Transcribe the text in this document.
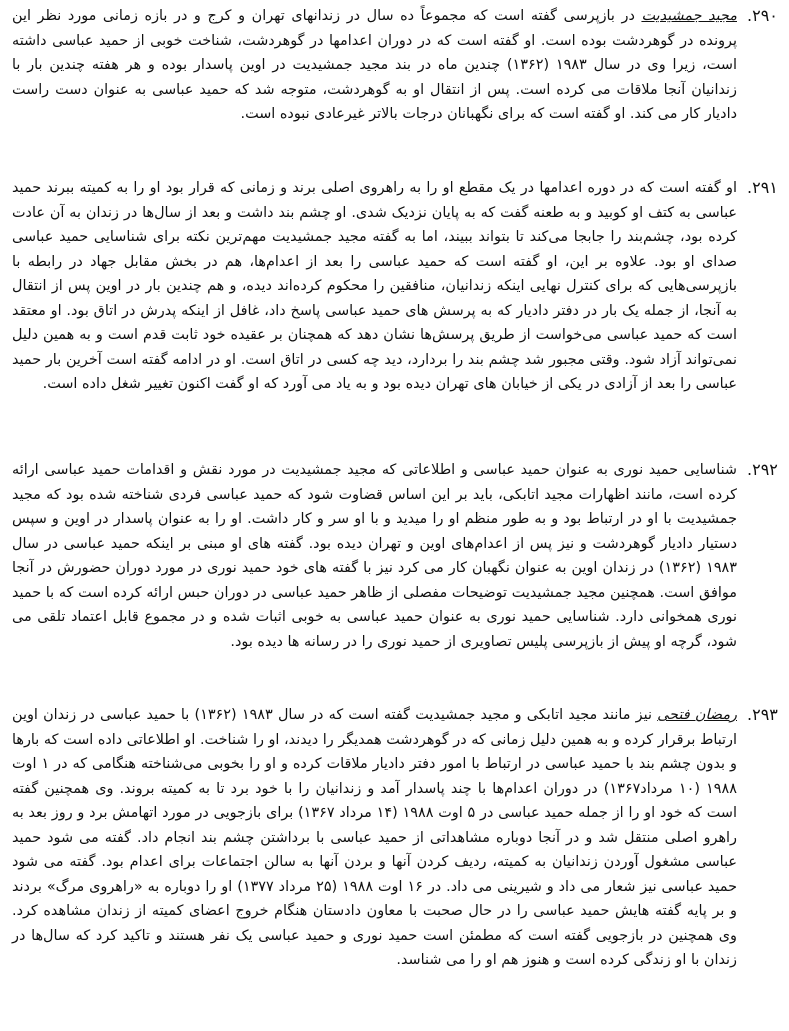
۲۹۰.

مجید جمشیدیت در بازپرسی گفته است که مجموعاً ده سال در زندانهای تهران و کرج و در بازه زمانی مورد نظر این پرونده در گوهردشت بوده است. او گفته است که در دوران اعدامها در گوهردشت، شناخت خوبی از حمید عباسی داشته است، زیرا وی در سال ۱۹۸۳ (۱۳۶۲) چندین ماه در بند مجید جمشیدیت در اوین پاسدار بوده و هر هفته چندین بار با زندانیان آنجا ملاقات می کرده است. پس از انتقال او به گوهردشت، متوجه شد که حمید عباسی به عنوان دست راست دادیار کار می کند. او گفته است که برای نگهبانان درجات بالاتر غیرعادی نبوده است.

۲۹۱.

او گفته است که در دوره اعدامها در یک مقطع او را به راهروی اصلی برند و زمانی که قرار بود او را به کمیته ببرند حمید عباسی به کتف او کوبید و به طعنه گفت که به پایان نزدیک شدی. او چشم بند داشت و بعد از سال‌ها در زندان به آن عادت کرده بود، چشم‌بند را جابجا می‌کند تا بتواند ببیند، اما به گفته مجید جمشیدیت مهم‌ترین نکته برای شناسایی حمید عباسی صدای او بود. علاوه بر این، او گفته است که حمید عباسی را بعد از اعدام‌ها، هم در بخش مقابل جهاد در رابطه با بازپرسی‌هایی که برای کنترل نهایی اینکه زندانیان، منافقین را محکوم کرده‌اند دیده، و هم چندین بار در اوین پس از انتقال به آنجا، از جمله یک بار در دفتر دادیار که به پرسش های حمید عباسی پاسخ داد، غافل از اینکه پدرش در اتاق بود. او معتقد است که حمید عباسی می‌خواست از طریق پرسش‌ها نشان دهد که همچنان بر عقیده خود ثابت قدم است و به همین دلیل نمی‌تواند آزاد شود. وقتی مجبور شد چشم بند را بردارد، دید چه کسی در اتاق است. او در ادامه گفته است آخرین بار حمید عباسی را بعد از آزادی در یکی از خیابان های تهران دیده بود و به یاد می آورد که او گفت اکنون تغییر شغل داده است.

۲۹۲.

شناسایی حمید نوری به عنوان حمید عباسی و اطلاعاتی که مجید جمشیدیت در مورد نقش و اقدامات حمید عباسی ارائه کرده است، مانند اظهارات مجید اتابکی، باید بر این اساس قضاوت شود که حمید عباسی فردی شناخته شده بود که مجید جمشیدیت با او در ارتباط بود و به طور منظم او را میدید و با او سر و کار داشت. او را به عنوان پاسدار در اوین و سپس دستیار دادیار گوهردشت و نیز پس از اعدام‌های اوین و تهران دیده بود. گفته های او مبنی بر اینکه حمید عباسی در سال ۱۹۸۳ (۱۳۶۲) در زندان اوین به عنوان نگهبان کار می کرد نیز با گفته های خود حمید نوری در مورد دوران حضورش در آنجا موافق است. همچنین مجید جمشیدیت توضیحات مفصلی از ظاهر حمید عباسی در دوران حبس ارائه کرده است که با حمید نوری همخوانی دارد. شناسایی حمید نوری به عنوان حمید عباسی به خوبی اثبات شده و در مجموع قابل اعتماد تلقی می شود، گرچه او پیش از بازپرسی پلیس تصاویری از حمید نوری را در رسانه ها دیده بود.

۲۹۳.

رمضان فتحی نیز مانند مجید اتابکی و مجید جمشیدیت گفته است که در سال ۱۹۸۳ (۱۳۶۲) با حمید عباسی در زندان اوین ارتباط برقرار کرده و به همین دلیل زمانی که در گوهردشت همدیگر را دیدند، او را شناخت. او اطلاعاتی داده است که بارها و بدون چشم بند با حمید عباسی در ارتباط با امور دفتر دادیار ملاقات کرده و او را بخوبی می‌شناخته هنگامی که در ۱ اوت ۱۹۸۸ (۱۰ مرداد۱۳۶۷) در دوران اعدام‌ها با چند پاسدار آمد و زندانیان را با خود برد تا به کمیته بروند. وی همچنین گفته است که خود او را از جمله حمید عباسی در ۵ اوت ۱۹۸۸ (۱۴ مرداد ۱۳۶۷) برای بازجویی در مورد اتهامش برد و روز بعد به راهرو اصلی منتقل شد و در آنجا دوباره مشاهداتی از حمید عباسی با برداشتن چشم بند انجام داد. گفته می شود حمید عباسی مشغول آوردن زندانیان به کمیته، ردیف کردن آنها و بردن آنها به سالن اجتماعات برای اعدام بود. گفته می شود حمید عباسی نیز شعار می داد و شیرینی می داد. در ۱۶ اوت ۱۹۸۸ (۲۵ مرداد ۱۳۷۷) او را دوباره به «راهروی مرگ» بردند و بر پایه گفته هایش حمید عباسی را در حال صحبت با معاون دادستان هنگام خروج اعضای کمیته از زندان مشاهده کرد. وی همچنین در بازجویی گفته است که مطمئن است حمید نوری و حمید عباسی یک نفر هستند و تاکید کرد که سال‌ها در زندان با او زندگی کرده است و هنوز هم او را می شناسد.
